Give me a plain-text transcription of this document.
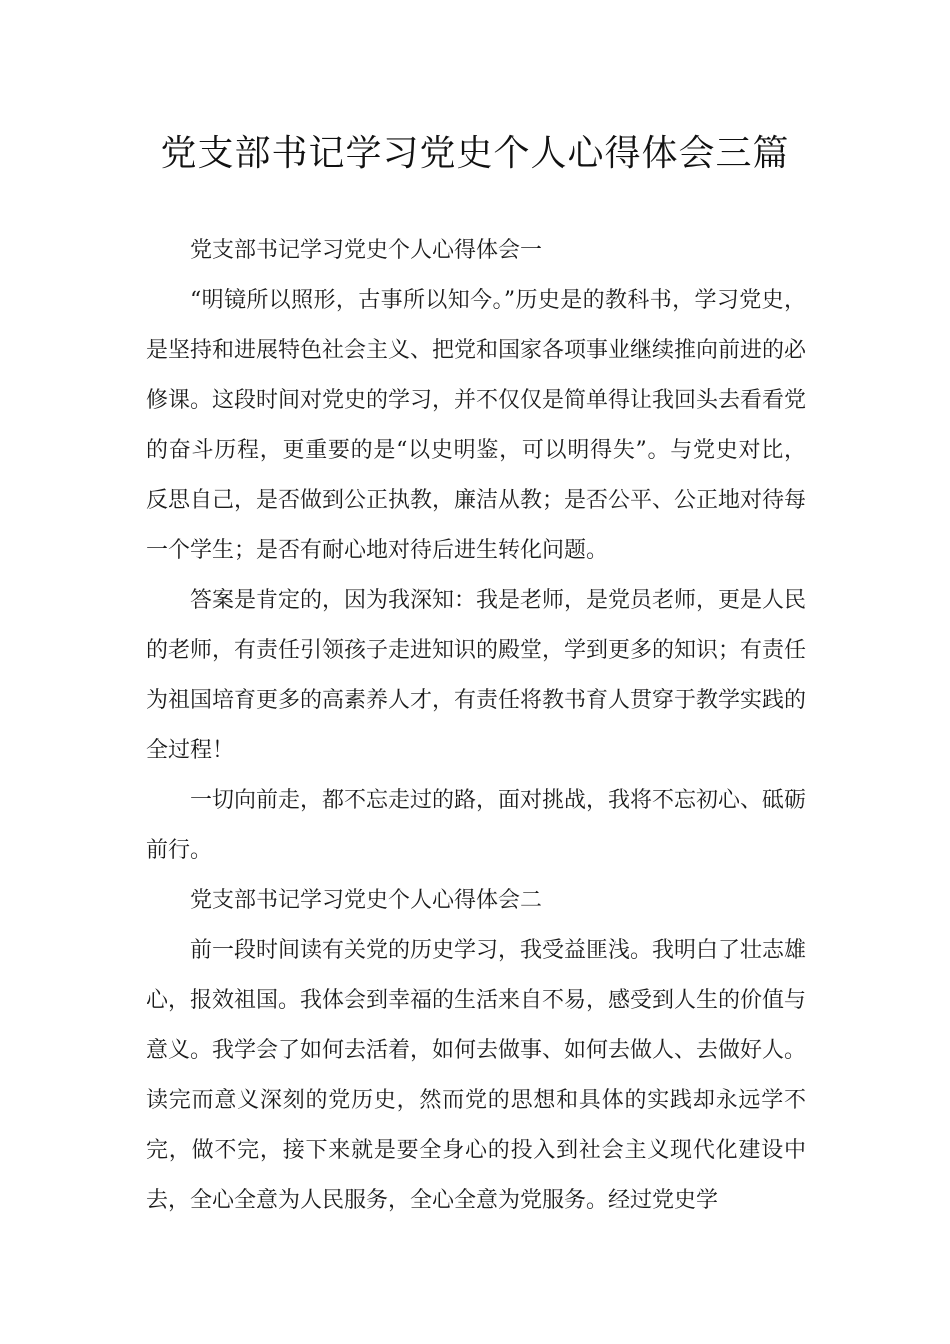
党支部书记学习党史个人心得体会三篇

党支部书记学习党史个人心得体会一

“明镜所以照形，古事所以知今。”历史是的教科书，学习党史，是坚持和进展特色社会主义、把党和国家各项事业继续推向前进的必修课。这段时间对党史的学习，并不仅仅是简单得让我回头去看看党的奋斗历程，更重要的是“以史明鉴，可以明得失”。与党史对比，反思自己，是否做到公正执教，廉洁从教；是否公平、公正地对待每一个学生；是否有耐心地对待后进生转化问题。

答案是肯定的，因为我深知：我是老师，是党员老师，更是人民的老师，有责任引领孩子走进知识的殿堂，学到更多的知识；有责任为祖国培育更多的高素养人才，有责任将教书育人贯穿于教学实践的全过程！

一切向前走，都不忘走过的路，面对挑战，我将不忘初心、砥砺前行。

党支部书记学习党史个人心得体会二

前一段时间读有关党的历史学习，我受益匪浅。我明白了壮志雄心，报效祖国。我体会到幸福的生活来自不易，感受到人生的价值与意义。我学会了如何去活着，如何去做事、如何去做人、去做好人。读完而意义深刻的党历史，然而党的思想和具体的实践却永远学不完，做不完，接下来就是要全身心的投入到社会主义现代化建设中去，全心全意为人民服务，全心全意为党服务。经过党史学
